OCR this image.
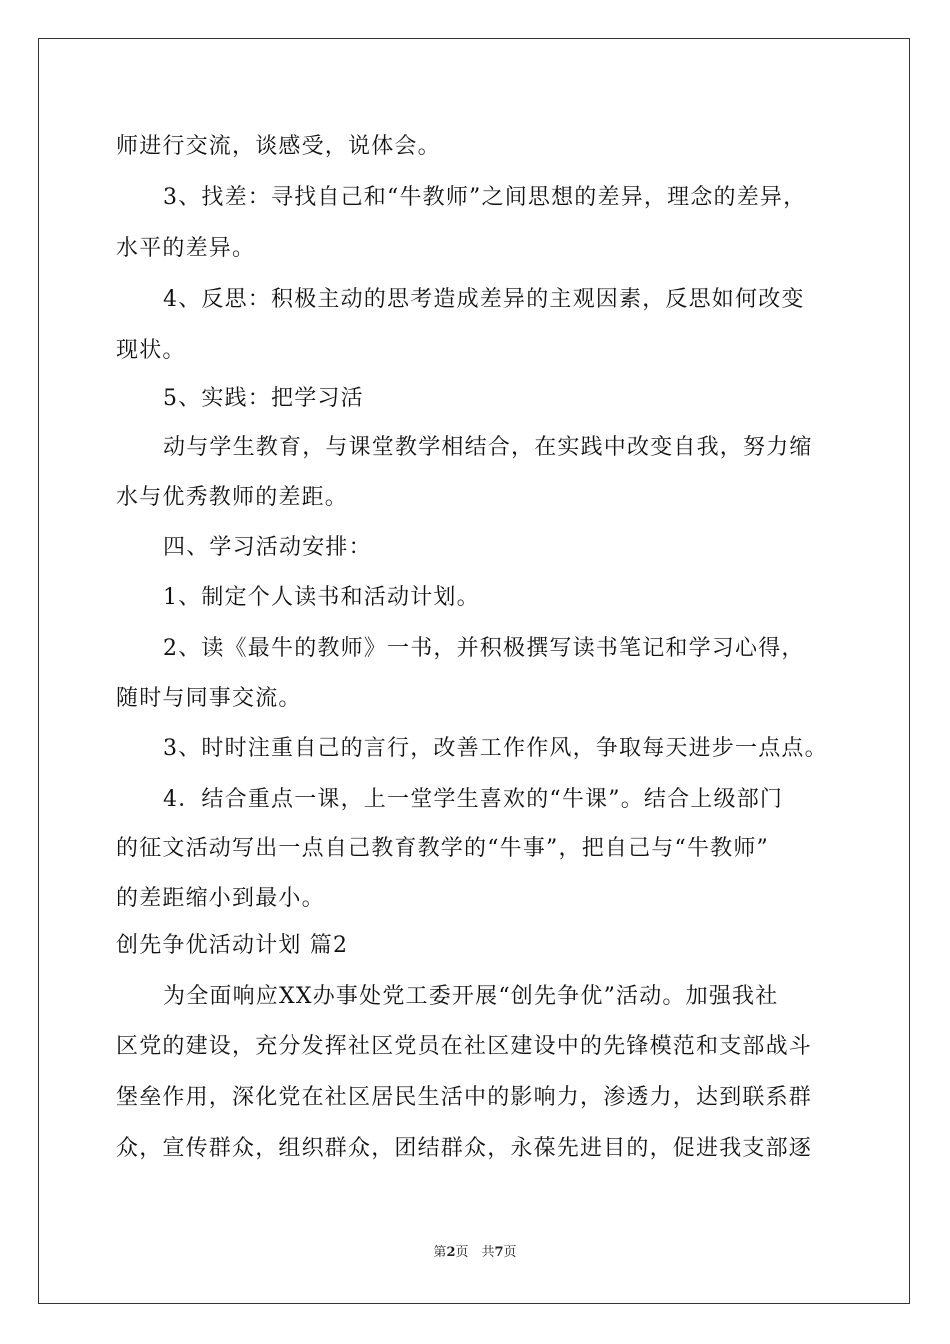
师进行交流，谈感受，说体会。
3、找差：寻找自己和“牛教师”之间思想的差异，理念的差异，
水平的差异。
4、反思：积极主动的思考造成差异的主观因素，反思如何改变
现状。
5、实践：把学习活
动与学生教育，与课堂教学相结合，在实践中改变自我，努力缩
水与优秀教师的差距。
四、学习活动安排：
1、制定个人读书和活动计划。
2、读《最牛的教师》一书，并积极撰写读书笔记和学习心得，
随时与同事交流。
3、时时注重自己的言行，改善工作作风，争取每天进步一点点。
4．结合重点一课，上一堂学生喜欢的“牛课”。结合上级部门
的征文活动写出一点自己教育教学的“牛事”，把自己与“牛教师”
的差距缩小到最小。
创先争优活动计划 篇2
为全面响应XX办事处党工委开展“创先争优”活动。加强我社
区党的建设，充分发挥社区党员在社区建设中的先锋模范和支部战斗
堡垒作用，深化党在社区居民生活中的影响力，渗透力，达到联系群
众，宣传群众，组织群众，团结群众，永葆先进目的，促进我支部逐
第2页　共7页
